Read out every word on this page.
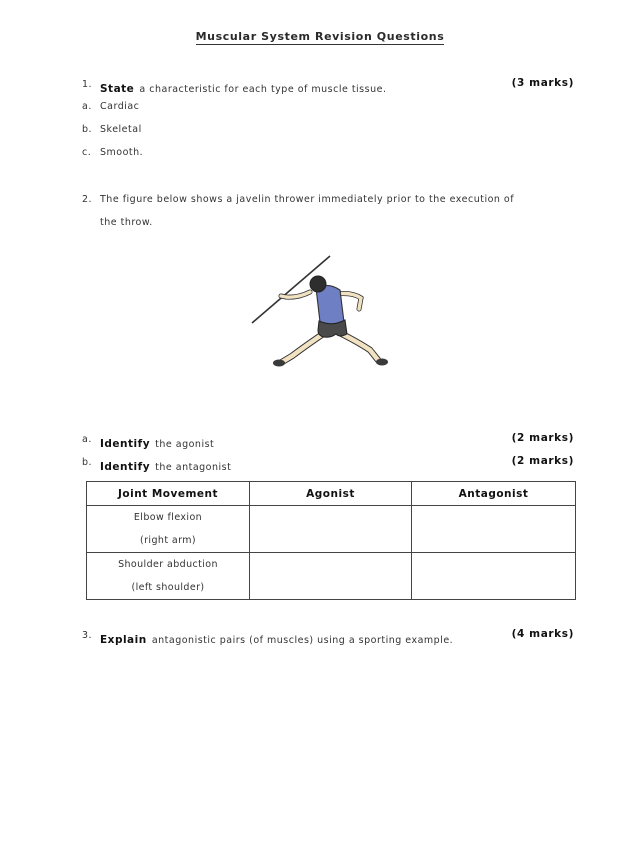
Muscular System Revision Questions
1. State a characteristic for each type of muscle tissue.
(3 marks)
a. Cardiac
b. Skeletal
c. Smooth.
2. The figure below shows a javelin thrower immediately prior to the execution of
the throw.
a. Identify the agonist
(2 marks)
b. Identify the antagonist
(2 marks)
Joint Movement	Agonist	Antagonist

Elbow flexion
(right arm)		

Shoulder abduction
(left shoulder)		

3. Explain antagonistic pairs (of muscles) using a sporting example.
(4 marks)
